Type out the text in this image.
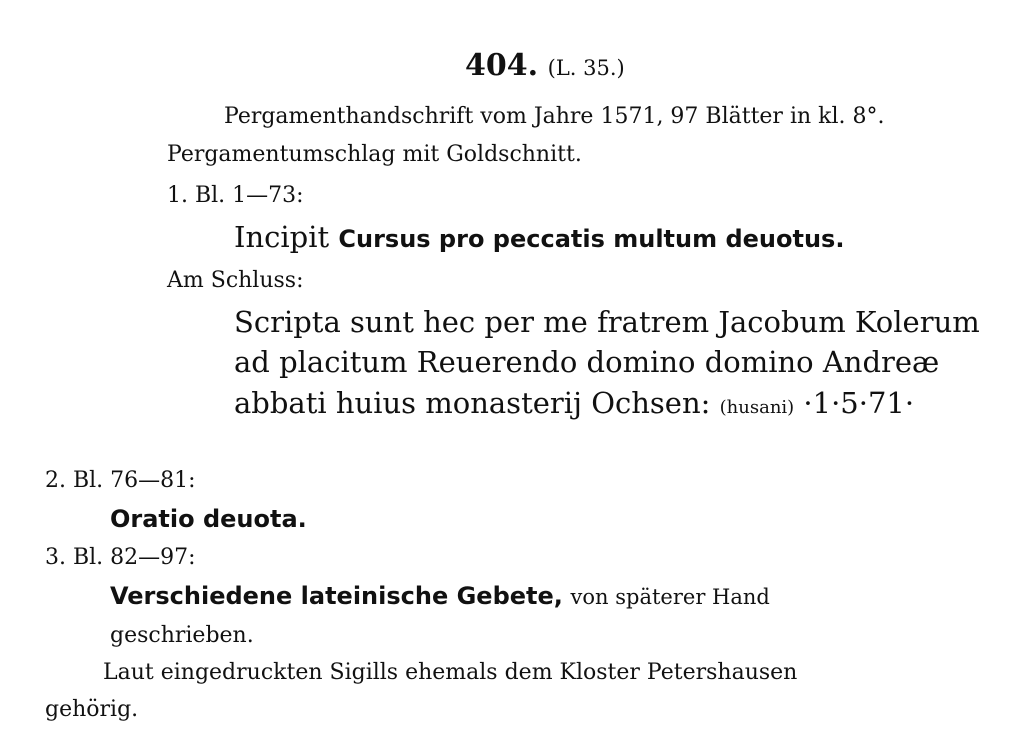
404. (L. 35.)
Pergamenthandschrift vom Jahre 1571, 97 Blätter in kl. 8°.
Pergamentumschlag mit Goldschnitt.
1. Bl. 1—73:
Incipit Cursus pro peccatis multum deuotus.
Am Schluss:
Scripta sunt hec per me fratrem Jacobum Kolerum
ad placitum Reuerendo domino domino Andreæ
abbati huius monasterij Ochsen: (husani) ·1·5·71·
2. Bl. 76—81:
Oratio deuota.
3. Bl. 82—97:
Verschiedene lateinische Gebete, von späterer Hand
geschrieben.
Laut eingedruckten Sigills ehemals dem Kloster Petershausen
gehörig.
